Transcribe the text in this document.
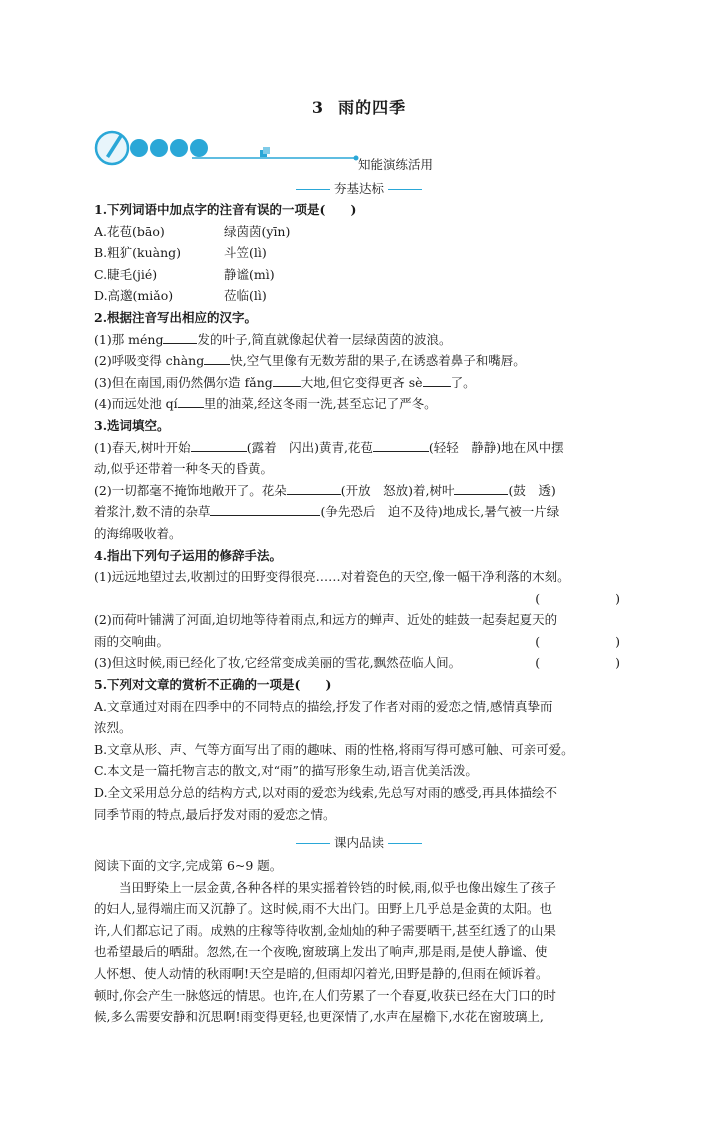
3 雨的四季
知能演练活用
夯基达标
1.下列词语中加点字的注音有误的一项是(　　)
A.花苞(bāo)	绿茵茵(yīn)
B.粗犷(kuàng)	斗笠(lì)
C.睫毛(jié)	静谧(mì)
D.高邈(miǎo)	莅临(lì)
2.根据注音写出相应的汉字。
(1)那 méng	发的叶子,简直就像起伏着一层绿茵茵的波浪。
(2)呼吸变得 chàng 快,空气里像有无数芳甜的果子,在诱惑着鼻子和嘴唇。
(3)但在南国,雨仍然偶尔造 fǎng 大地,但它变得更吝 sè 了。
(4)而远处池 qí 里的油菜,经这冬雨一洗,甚至忘记了严冬。
3.选词填空。
(1)春天,树叶开始	(露着　闪出)黄青,花苞	(轻轻　静静)地在风中摆
动,似乎还带着一种冬天的昏黄。
(2)一切都毫不掩饰地敞开了。花朵	(开放　怒放)着,树叶	(鼓　透)
着浆汁,数不清的杂草	(争先恐后　迫不及待)地成长,暑气被一片绿
的海绵吸收着。
4.指出下列句子运用的修辞手法。
(1)远远地望过去,收割过的田野变得很亮……对着瓷色的天空,像一幅干净利落的木刻。
(　　　　　　)
(2)而荷叶铺满了河面,迫切地等待着雨点,和远方的蝉声、近处的蛙鼓一起奏起夏天的
雨的交响曲。	(　　　　　　)
(3)但这时候,雨已经化了妆,它经常变成美丽的雪花,飘然莅临人间。	(　　　　　　)
5.下列对文章的赏析不正确的一项是(　　)
A.文章通过对雨在四季中的不同特点的描绘,抒发了作者对雨的爱恋之情,感情真挚而
浓烈。
B.文章从形、声、气等方面写出了雨的趣味、雨的性格,将雨写得可感可触、可亲可爱。
C.本文是一篇托物言志的散文,对“雨”的描写形象生动,语言优美活泼。
D.全文采用总分总的结构方式,以对雨的爱恋为线索,先总写对雨的感受,再具体描绘不
同季节雨的特点,最后抒发对雨的爱恋之情。
课内品读
阅读下面的文字,完成第 6~9 题。
当田野染上一层金黄,各种各样的果实摇着铃铛的时候,雨,似乎也像出嫁生了孩子
的妇人,显得端庄而又沉静了。这时候,雨不大出门。田野上几乎总是金黄的太阳。也
许,人们都忘记了雨。成熟的庄稼等待收割,金灿灿的种子需要晒干,甚至红透了的山果
也希望最后的晒甜。忽然,在一个夜晚,窗玻璃上发出了响声,那是雨,是使人静谧、使
人怀想、使人动情的秋雨啊!天空是暗的,但雨却闪着光,田野是静的,但雨在倾诉着。
顿时,你会产生一脉悠远的情思。也许,在人们劳累了一个春夏,收获已经在大门口的时
候,多么需要安静和沉思啊!雨变得更轻,也更深情了,水声在屋檐下,水花在窗玻璃上,
